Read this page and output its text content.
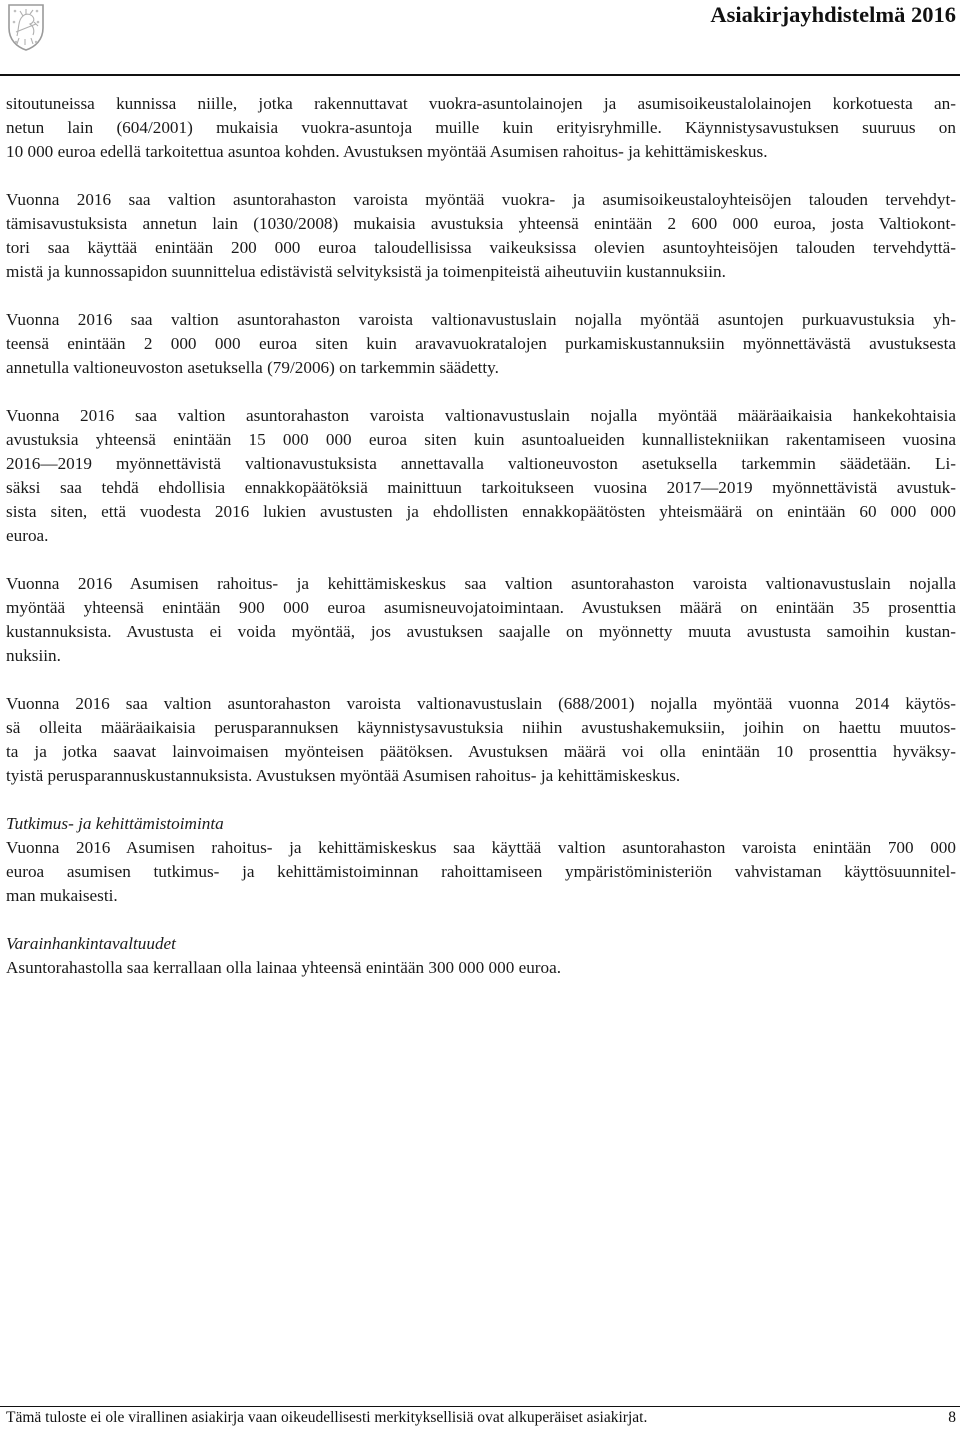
Asiakirjayhdistelmä 2016
sitoutuneissa kunnissa niille, jotka rakennuttavat vuokra-asuntolainojen ja asumisoikeustalolainojen korkotuesta an-
netun lain (604/2001) mukaisia vuokra-asuntoja muille kuin erityisryhmille. Käynnistysavustuksen suuruus on
10 000 euroa edellä tarkoitettua asuntoa kohden. Avustuksen myöntää Asumisen rahoitus- ja kehittämiskeskus.
Vuonna 2016 saa valtion asuntorahaston varoista myöntää vuokra- ja asumisoikeustaloyhteisöjen talouden tervehdyt-
tämisavustuksista annetun lain (1030/2008) mukaisia avustuksia yhteensä enintään 2 600 000 euroa, josta Valtiokont-
tori saa käyttää enintään 200 000 euroa taloudellisissa vaikeuksissa olevien asuntoyhteisöjen talouden tervehdyttä-
mistä ja kunnossapidon suunnittelua edistävistä selvityksistä ja toimenpiteistä aiheutuviin kustannuksiin.
Vuonna 2016 saa valtion asuntorahaston varoista valtionavustuslain nojalla myöntää asuntojen purkuavustuksia yh-
teensä enintään 2 000 000 euroa siten kuin aravavuokratalojen purkamiskustannuksiin myönnettävästä avustuksesta
annetulla valtioneuvoston asetuksella (79/2006) on tarkemmin säädetty.
Vuonna 2016 saa valtion asuntorahaston varoista valtionavustuslain nojalla myöntää määräaikaisia hankekohtaisia
avustuksia yhteensä enintään 15 000 000 euroa siten kuin asuntoalueiden kunnallistekniikan rakentamiseen vuosina
2016—2019 myönnettävistä valtionavustuksista annettavalla valtioneuvoston asetuksella tarkemmin säädetään. Li-
säksi saa tehdä ehdollisia ennakkopäätöksiä mainittuun tarkoitukseen vuosina 2017—2019 myönnettävistä avustuk-
sista siten, että vuodesta 2016 lukien avustusten ja ehdollisten ennakkopäätösten yhteismäärä on enintään 60 000 000
euroa.
Vuonna 2016 Asumisen rahoitus- ja kehittämiskeskus saa valtion asuntorahaston varoista valtionavustuslain nojalla
myöntää yhteensä enintään 900 000 euroa asumisneuvojatoimintaan. Avustuksen määrä on enintään 35 prosenttia
kustannuksista. Avustusta ei voida myöntää, jos avustuksen saajalle on myönnetty muuta avustusta samoihin kustan-
nuksiin.
Vuonna 2016 saa valtion asuntorahaston varoista valtionavustuslain (688/2001) nojalla myöntää vuonna 2014 käytös-
sä olleita määräaikaisia perusparannuksen käynnistysavustuksia niihin avustushakemuksiin, joihin on haettu muutos-
ta ja jotka saavat lainvoimaisen myönteisen päätöksen. Avustuksen määrä voi olla enintään 10 prosenttia hyväksy-
tyistä perusparannuskustannuksista. Avustuksen myöntää Asumisen rahoitus- ja kehittämiskeskus.
Tutkimus- ja kehittämistoiminta
Vuonna 2016 Asumisen rahoitus- ja kehittämiskeskus saa käyttää valtion asuntorahaston varoista enintään 700 000
euroa asumisen tutkimus- ja kehittämistoiminnan rahoittamiseen ympäristöministeriön vahvistaman käyttösuunnitel-
man mukaisesti.
Varainhankintavaltuudet
Asuntorahastolla saa kerrallaan olla lainaa yhteensä enintään 300 000 000 euroa.
Tämä tuloste ei ole virallinen asiakirja vaan oikeudellisesti merkityksellisiä ovat alkuperäiset asiakirjat.	8
